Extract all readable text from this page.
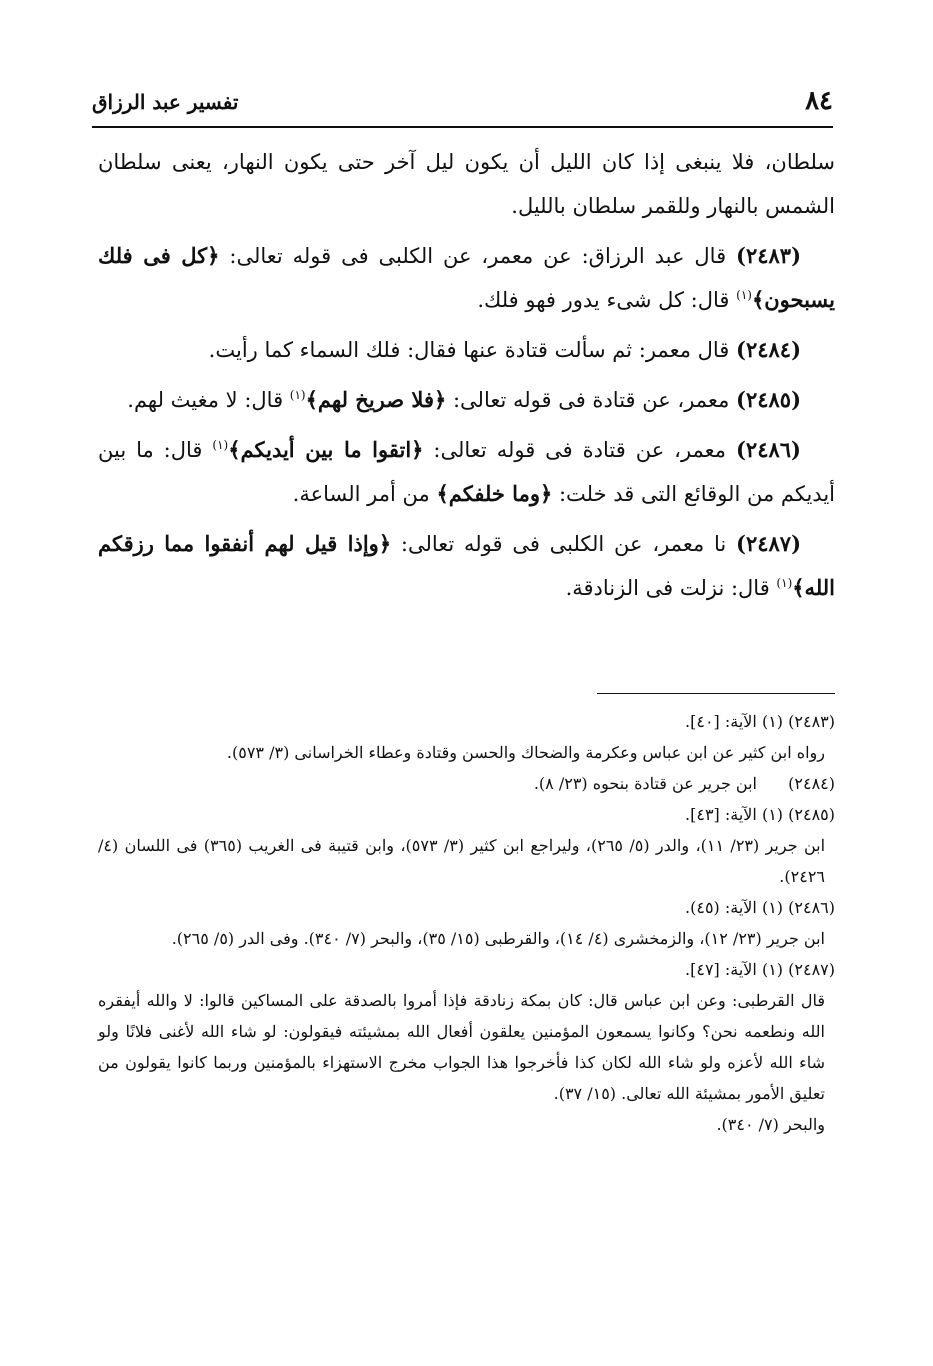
٨٤
تفسير عبد الرزاق

سلطان، فلا ينبغى إذا كان الليل أن يكون ليل آخر حتى يكون النهار، يعنى سلطان الشمس بالنهار وللقمر سلطان بالليل.

(٢٤٨٣) قال عبد الرزاق: عن معمر، عن الكلبى فى قوله تعالى: ﴿كل فى فلك يسبحون﴾$^{(١)}$ قال: كل شىء يدور فهو فلك.

(٢٤٨٤) قال معمر: ثم سألت قتادة عنها فقال: فلك السماء كما رأيت.

(٢٤٨٥) معمر، عن قتادة فى قوله تعالى: ﴿فلا صريخ لهم﴾$^{(١)}$ قال: لا مغيث لهم.

(٢٤٨٦) معمر، عن قتادة فى قوله تعالى: ﴿اتقوا ما بين أيديكم﴾$^{(١)}$ قال: ما بين أيديكم من الوقائع التى قد خلت: ﴿وما خلفكم﴾ من أمر الساعة.

(٢٤٨٧) نا معمر، عن الكلبى فى قوله تعالى: ﴿وإذا قيل لهم أنفقوا مما رزقكم الله﴾$^{(١)}$ قال: نزلت فى الزنادقة.

(٢٤٨٣) (١) الآية: [٤٠].
رواه ابن كثير عن ابن عباس وعكرمة والضحاك والحسن وقتادة وعطاء الخراسانى (٣/ ٥٧٣).
(٢٤٨٤)ابن جرير عن قتادة بنحوه (٢٣/ ٨).
(٢٤٨٥) (١) الآية: [٤٣].
ابن جرير (٢٣/ ١١)، والدر (٥/ ٢٦٥)، وليراجع ابن كثير (٣/ ٥٧٣)، وابن قتيبة فى الغريب (٣٦٥) فى اللسان (٤/ ٢٤٢٦).
(٢٤٨٦) (١) الآية: (٤٥).
ابن جرير (٢٣/ ١٢)، والزمخشرى (٤/ ١٤)، والقرطبى (١٥/ ٣٥)، والبحر (٧/ ٣٤٠). وفى الدر (٥/ ٢٦٥).
(٢٤٨٧) (١) الآية: [٤٧].
قال القرطبى: وعن ابن عباس قال: كان بمكة زنادقة فإذا أمروا بالصدقة على المساكين قالوا: لا والله أيفقره الله ونطعمه نحن؟ وكانوا يسمعون المؤمنين يعلقون أفعال الله بمشيئته فيقولون: لو شاء الله لأغنى فلانًا ولو شاء الله لأعزه ولو شاء الله لكان كذا فأخرجوا هذا الجواب مخرج الاستهزاء بالمؤمنين وربما كانوا يقولون من تعليق الأمور بمشيئة الله تعالى. (١٥/ ٣٧).
والبحر (٧/ ٣٤٠).
